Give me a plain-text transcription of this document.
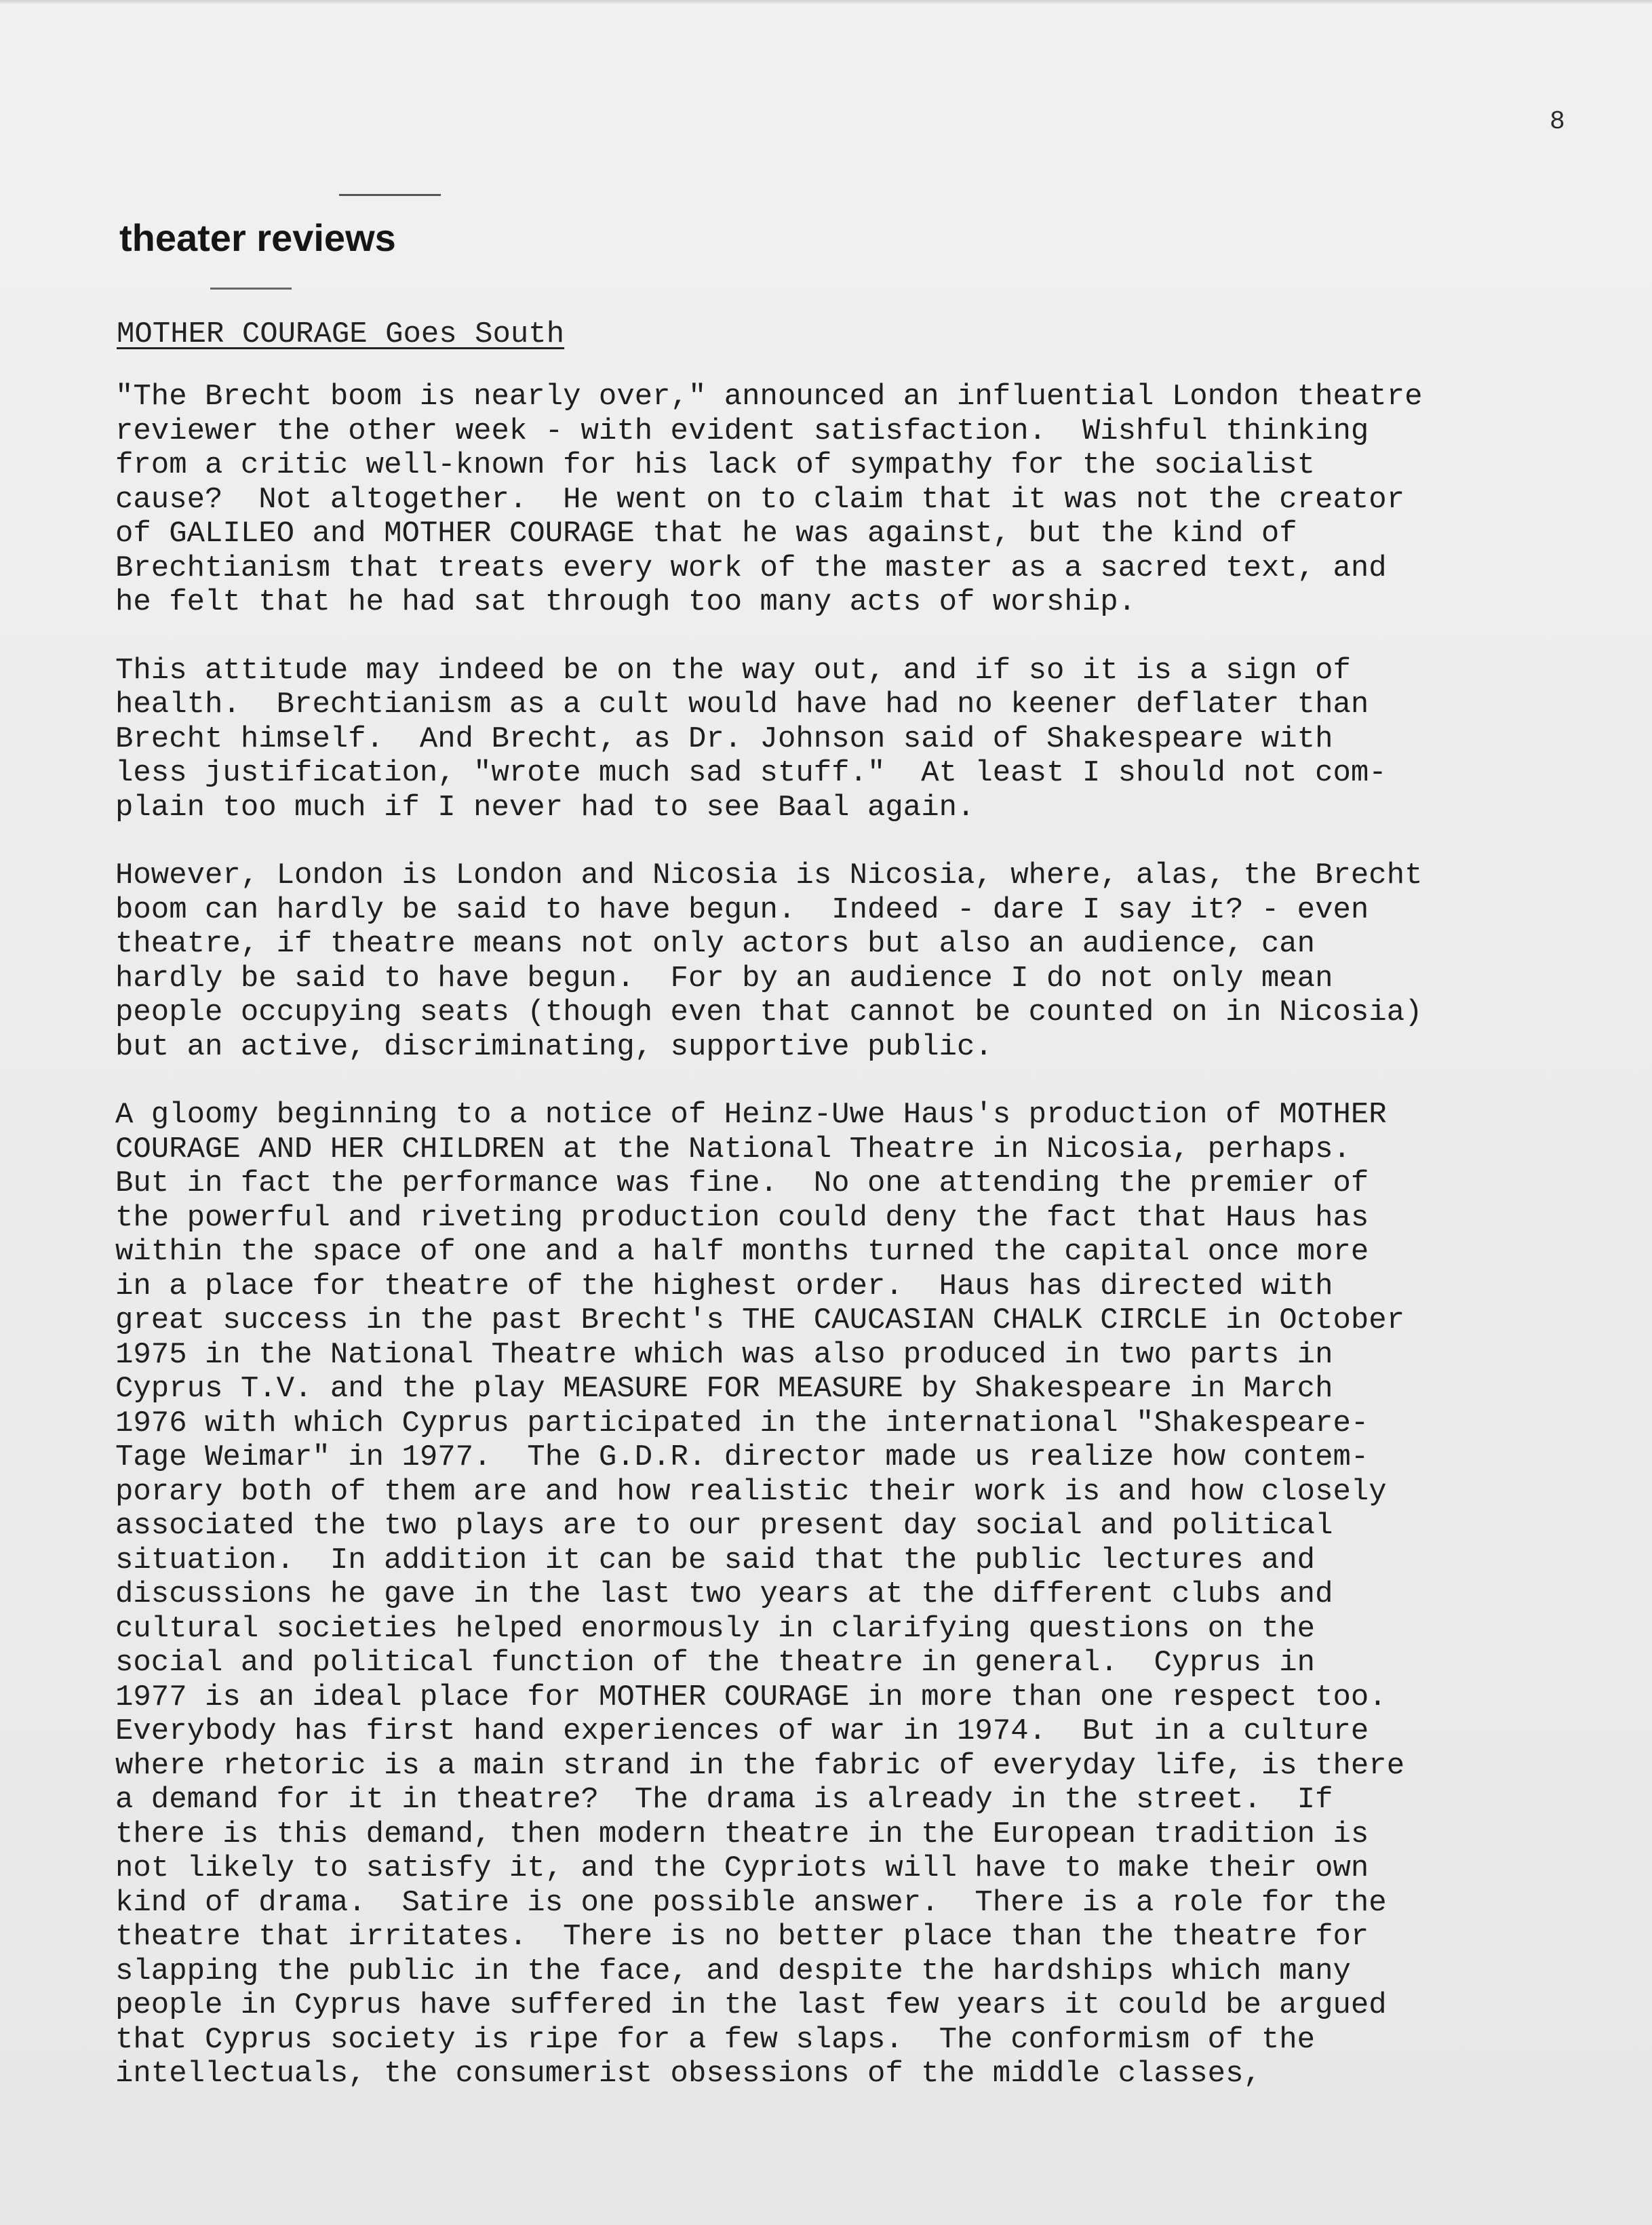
8
theater reviews
MOTHER COURAGE Goes South
"The Brecht boom is nearly over," announced an influential London theatre
reviewer the other week - with evident satisfaction.  Wishful thinking
from a critic well-known for his lack of sympathy for the socialist
cause?  Not altogether.  He went on to claim that it was not the creator
of GALILEO and MOTHER COURAGE that he was against, but the kind of
Brechtianism that treats every work of the master as a sacred text, and
he felt that he had sat through too many acts of worship.
This attitude may indeed be on the way out, and if so it is a sign of
health.  Brechtianism as a cult would have had no keener deflater than
Brecht himself.  And Brecht, as Dr. Johnson said of Shakespeare with
less justification, "wrote much sad stuff."  At least I should not com-
plain too much if I never had to see Baal again.
However, London is London and Nicosia is Nicosia, where, alas, the Brecht
boom can hardly be said to have begun.  Indeed - dare I say it? - even
theatre, if theatre means not only actors but also an audience, can
hardly be said to have begun.  For by an audience I do not only mean
people occupying seats (though even that cannot be counted on in Nicosia)
but an active, discriminating, supportive public.
A gloomy beginning to a notice of Heinz-Uwe Haus's production of MOTHER
COURAGE AND HER CHILDREN at the National Theatre in Nicosia, perhaps.
But in fact the performance was fine.  No one attending the premier of
the powerful and riveting production could deny the fact that Haus has
within the space of one and a half months turned the capital once more
in a place for theatre of the highest order.  Haus has directed with
great success in the past Brecht's THE CAUCASIAN CHALK CIRCLE in October
1975 in the National Theatre which was also produced in two parts in
Cyprus T.V. and the play MEASURE FOR MEASURE by Shakespeare in March
1976 with which Cyprus participated in the international "Shakespeare-
Tage Weimar" in 1977.  The G.D.R. director made us realize how contem-
porary both of them are and how realistic their work is and how closely
associated the two plays are to our present day social and political
situation.  In addition it can be said that the public lectures and
discussions he gave in the last two years at the different clubs and
cultural societies helped enormously in clarifying questions on the
social and political function of the theatre in general.  Cyprus in
1977 is an ideal place for MOTHER COURAGE in more than one respect too.
Everybody has first hand experiences of war in 1974.  But in a culture
where rhetoric is a main strand in the fabric of everyday life, is there
a demand for it in theatre?  The drama is already in the street.  If
there is this demand, then modern theatre in the European tradition is
not likely to satisfy it, and the Cypriots will have to make their own
kind of drama.  Satire is one possible answer.  There is a role for the
theatre that irritates.  There is no better place than the theatre for
slapping the public in the face, and despite the hardships which many
people in Cyprus have suffered in the last few years it could be argued
that Cyprus society is ripe for a few slaps.  The conformism of the
intellectuals, the consumerist obsessions of the middle classes,
